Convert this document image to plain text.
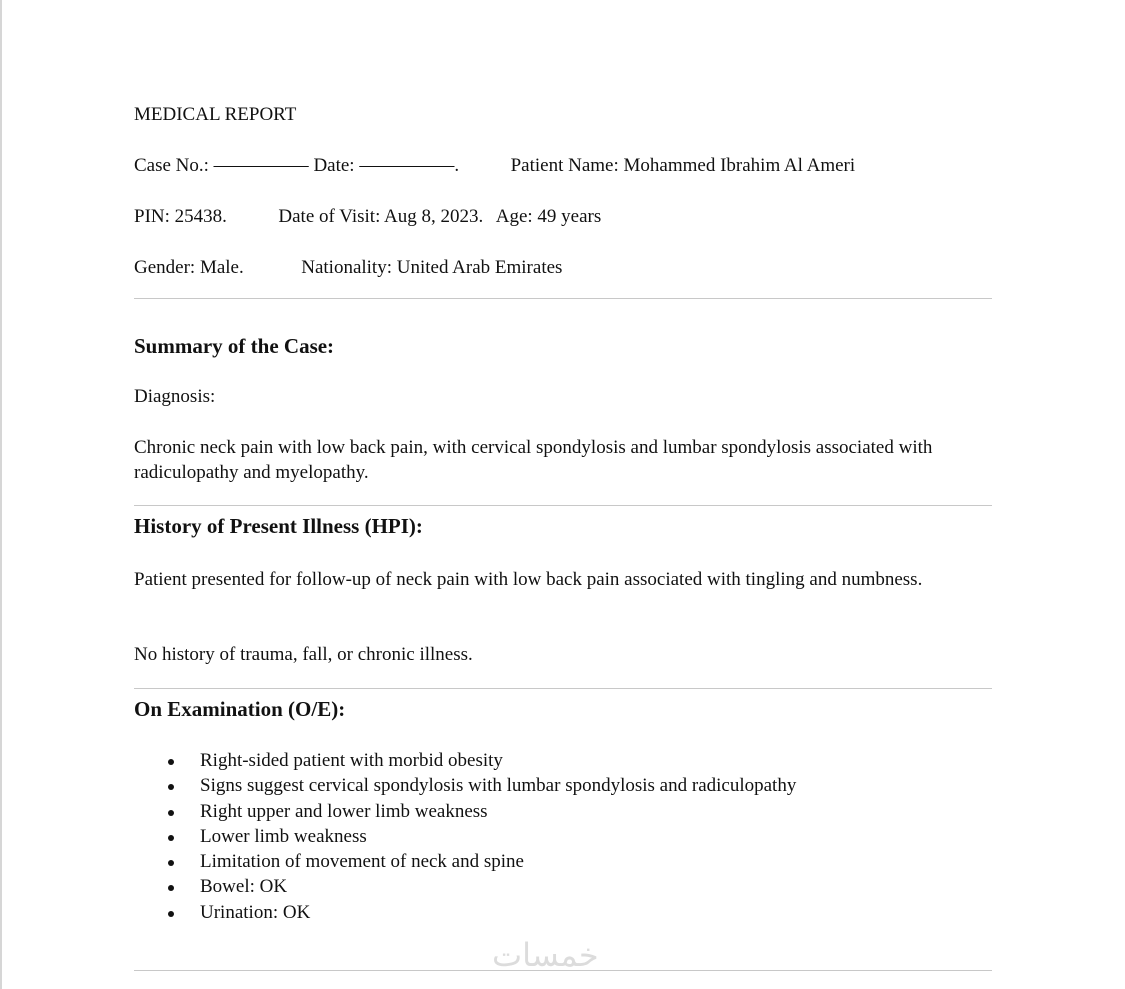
MEDICAL REPORT
Case No.: ————— Date: —————.	Patient Name: Mohammed Ibrahim Al Ameri
PIN: 25438.	Date of Visit: Aug 8, 2023. Age: 49 years
Gender: Male.	Nationality: United Arab Emirates
Summary of the Case:
Diagnosis:
Chronic neck pain with low back pain, with cervical spondylosis and lumbar spondylosis associated with radiculopathy and myelopathy.
History of Present Illness (HPI):
Patient presented for follow-up of neck pain with low back pain associated with tingling and numbness.
No history of trauma, fall, or chronic illness.
On Examination (O/E):
Right-sided patient with morbid obesity
Signs suggest cervical spondylosis with lumbar spondylosis and radiculopathy
Right upper and lower limb weakness
Lower limb weakness
Limitation of movement of neck and spine
Bowel: OK
Urination: OK
خمسات
